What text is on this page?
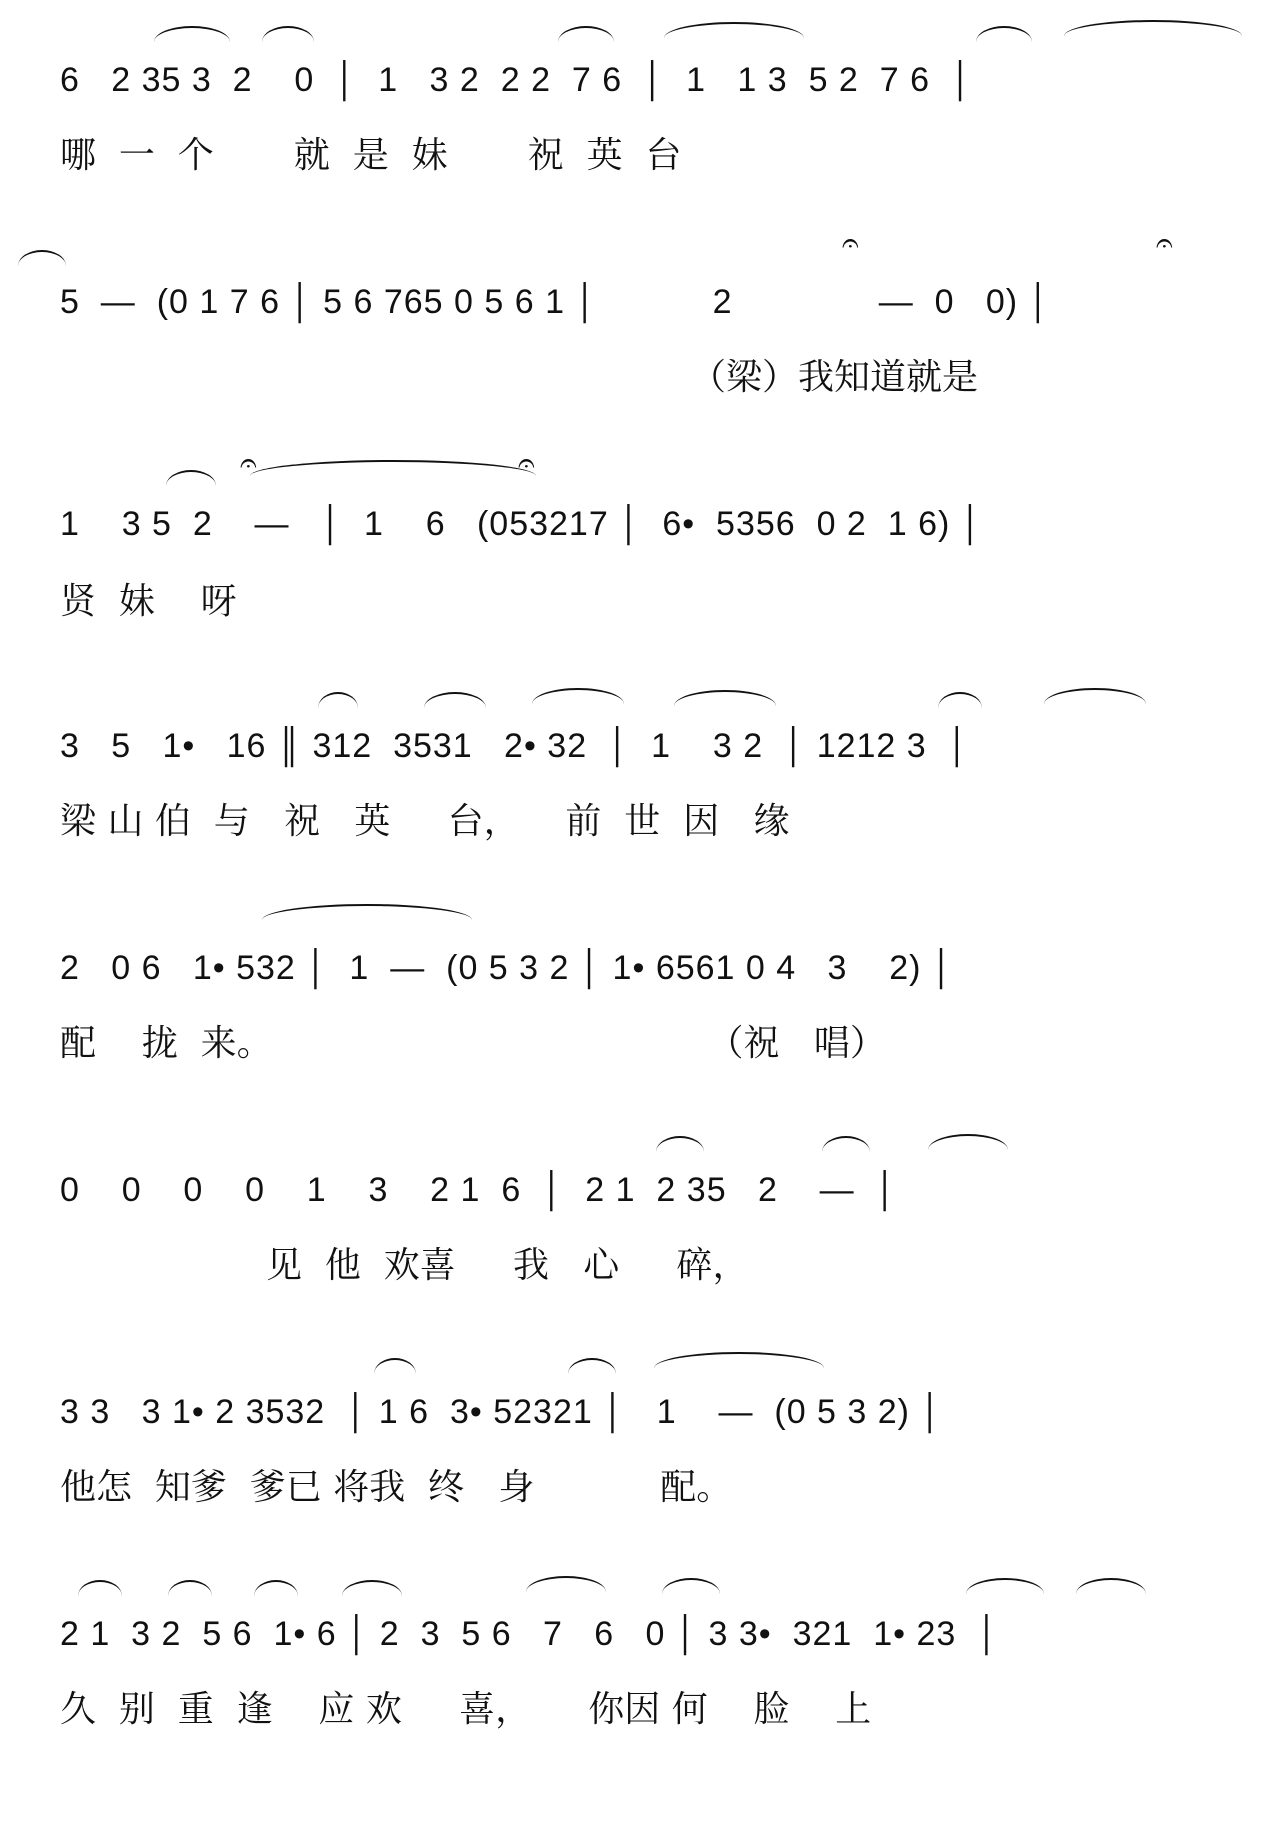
6   2 35 3  2    0  │  1   3 2  2 2  7 6  │  1   1 3  5 2  7 6  │
哪  一  个       就  是  妹       祝  英  台
5  —  (0 1 7 6 │ 5 6 765 0 5 6 1 │           2              —  0   0) │
（梁）我知道就是
1    3 5  2    —   │  1    6   (053217 │  6•  5356  0 2  1 6) │
贤  妹    呀
3   5   1•   16 ║ 312  3531   2• 32  │  1    3 2  │ 1212 3  │
梁 山 伯  与   祝   英     台，    前  世  因   缘
2   0 6   1• 532 │  1  —  (0 5 3 2 │ 1• 6561 0 4   3    2) │
配    拢  来。                                      （祝   唱）
0    0    0    0    1    3    2 1  6  │  2 1  2 35   2    —  │
见  他  欢喜     我   心     碎，
3 3   3 1• 2 3532  │ 1 6  3• 52321 │   1    —  (0 5 3 2) │
他怎  知爹  爹已 将我  终   身           配。
2 1  3 2  5 6  1• 6 │ 2  3  5 6   7   6   0 │ 3 3•  321  1• 23  │
久  别  重  逢    应 欢     喜，     你因 何    脸    上
𝄐	𝄐
𝄐	𝄐
